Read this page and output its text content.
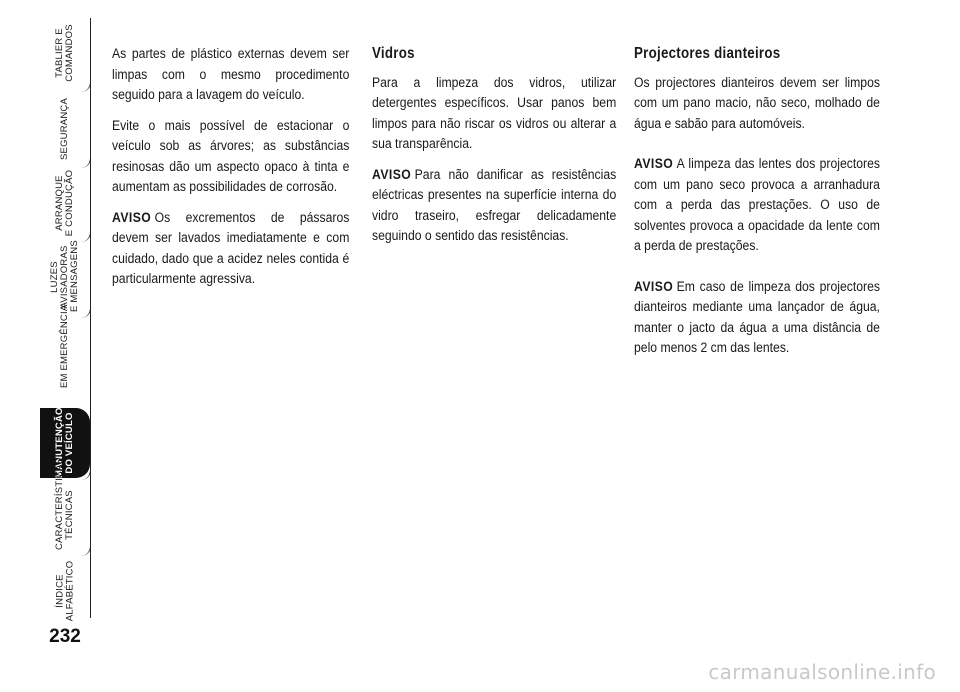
TABLIER E
COMANDOS
SEGURANÇA
ARRANQUE
E CONDUÇÃO
LUZES
AVISADORAS
E MENSAGENS
EM EMERGÊNCIA
MANUTENÇÃO
DO VEÍCULO
CARACTERÍSTICAS
TÉCNICAS
ÍNDICE
ALFABÉTICO
232

As partes de plástico externas devem ser limpas com o mesmo procedimento seguido para a lavagem do veículo.

Evite o mais possível de estacionar o veículo sob as árvores; as substâncias resinosas dão um aspecto opaco à tinta e aumentam as possibilidades de corrosão.

AVISO Os excrementos de pássaros devem ser lavados imediatamente e com cuidado, dado que a acidez neles contida é particularmente agressiva.

Vidros

Para a limpeza dos vidros, utilizar detergentes específicos. Usar panos bem limpos para não riscar os vidros ou alterar a sua transparência.

AVISO Para não danificar as resistências eléctricas presentes na superfície interna do vidro traseiro, esfregar delicadamente seguindo o sentido das resistências.

Projectores dianteiros

Os projectores dianteiros devem ser limpos com um pano macio, não seco, molhado de água e sabão para automóveis.

AVISO A limpeza das lentes dos projectores com um pano seco provoca a arranhadura com a perda das prestações. O uso de solventes provoca a opacidade da lente com a perda de prestações.

AVISO Em caso de limpeza dos projectores dianteiros mediante uma lançador de água, manter o jacto da água a uma distância de pelo menos 2 cm das lentes.

carmanualsonline.info
